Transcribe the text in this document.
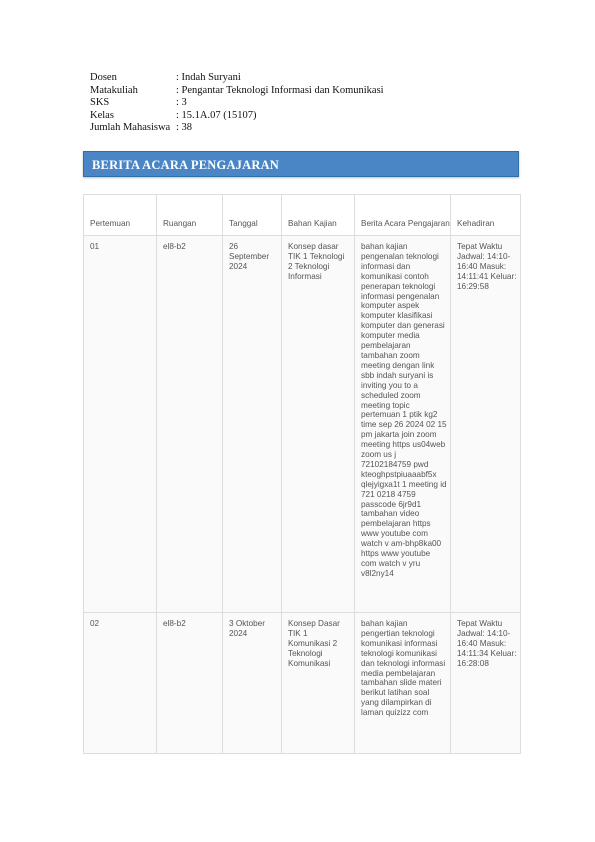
Dosen	: Indah Suryani
Matakuliah	: Pengantar Teknologi Informasi dan Komunikasi
SKS	: 3
Kelas	: 15.1A.07 (15107)
Jumlah Mahasiswa : 38
BERITA ACARA PENGAJARAN
Pertemuan	Ruangan	Tanggal	Bahan Kajian	Berita Acara Pengajaran	Kehadiran
01	el8-b2	26 September 2024	Konsep dasar TIK 1 Teknologi 2 Teknologi Informasi	bahan kajian pengenalan teknologi informasi dan komunikasi contoh penerapan teknologi informasi pengenalan komputer aspek komputer klasifikasi komputer dan generasi komputer media pembelajaran tambahan zoom meeting dengan link sbb indah suryani is inviting you to a scheduled zoom meeting topic pertemuan 1 ptik kg2 time sep 26 2024 02 15 pm jakarta join zoom meeting https us04web zoom us j 72102184759 pwd kteoghpstpiuaaabf5x qlejyigxa1t 1 meeting id 721 0218 4759 passcode 6jr9d1 tambahan video pembelajaran https www youtube com watch v am-bhp8ka00 https www youtube com watch v yru v8l2ny14	Tepat Waktu Jadwal: 14:10-16:40 Masuk: 14:11:41 Keluar: 16:29:58
02	el8-b2	3 Oktober 2024	Konsep Dasar TIK 1 Komunikasi 2 Teknologi Komunikasi	bahan kajian pengertian teknologi komunikasi informasi teknologi komunikasi dan teknologi informasi media pembelajaran tambahan slide materi berikut latihan soal yang dilampirkan di laman quizizz com	Tepat Waktu Jadwal: 14:10-16:40 Masuk: 14:11:34 Keluar: 16:28:08
